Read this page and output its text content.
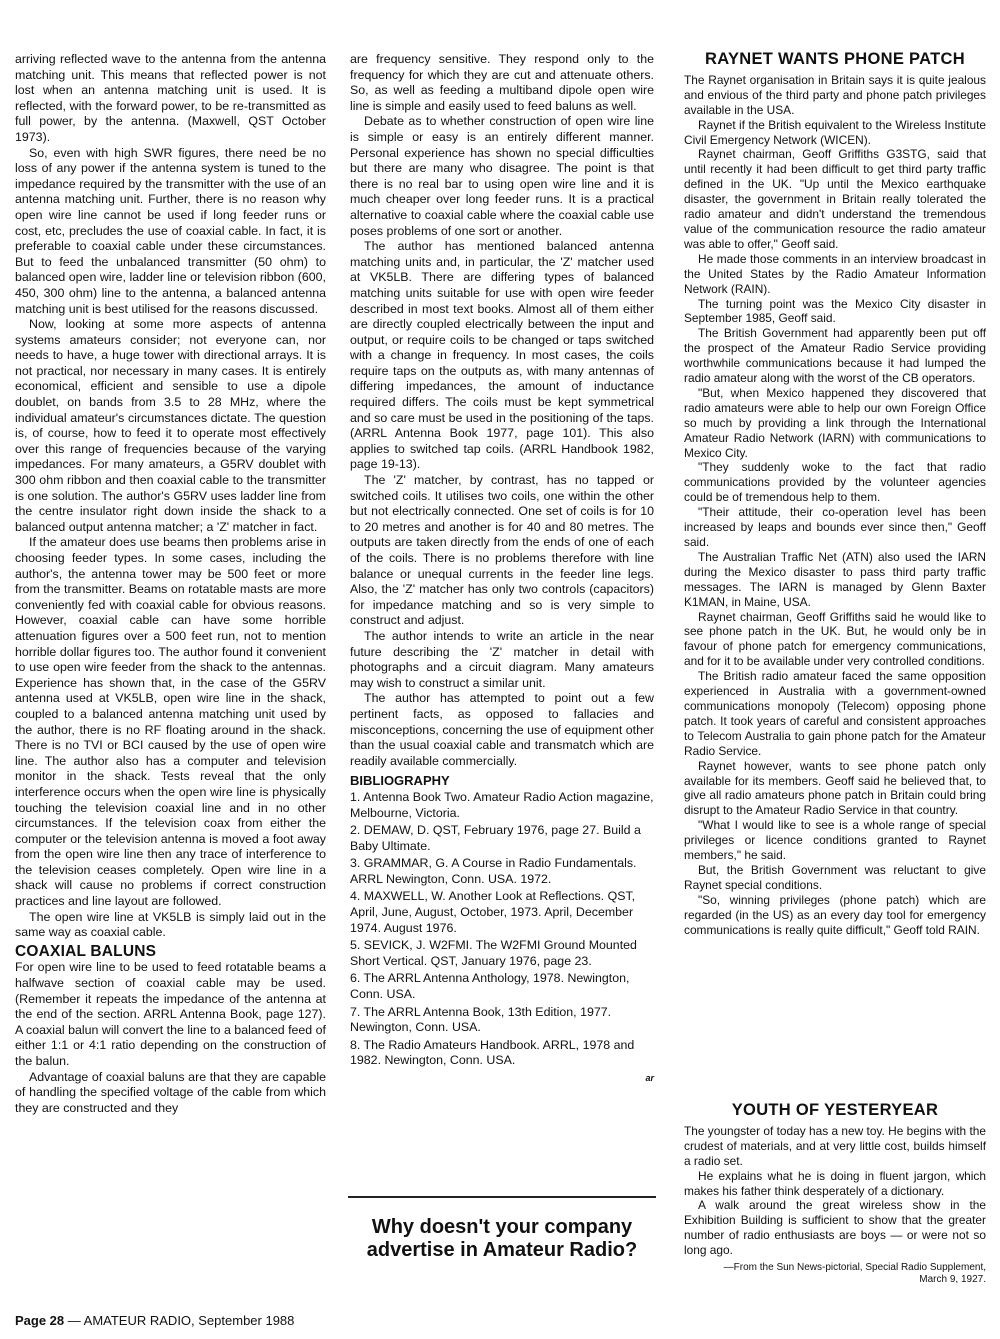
arriving reflected wave to the antenna from the antenna matching unit. This means that reflected power is not lost when an antenna matching unit is used. It is reflected, with the forward power, to be re-transmitted as full power, by the antenna. (Maxwell, QST October 1973).

So, even with high SWR figures, there need be no loss of any power if the antenna system is tuned to the impedance required by the transmitter with the use of an antenna matching unit. Further, there is no reason why open wire line cannot be used if long feeder runs or cost, etc, precludes the use of coaxial cable. In fact, it is preferable to coaxial cable under these circumstances. But to feed the unbalanced transmitter (50 ohm) to balanced open wire, ladder line or television ribbon (600, 450, 300 ohm) line to the antenna, a balanced antenna matching unit is best utilised for the reasons discussed.

Now, looking at some more aspects of antenna systems amateurs consider; not everyone can, nor needs to have, a huge tower with directional arrays. It is not practical, nor necessary in many cases. It is entirely economical, efficient and sensible to use a dipole doublet, on bands from 3.5 to 28 MHz, where the individual amateur's circumstances dictate. The question is, of course, how to feed it to operate most effectively over this range of frequencies because of the varying impedances. For many amateurs, a G5RV doublet with 300 ohm ribbon and then coaxial cable to the transmitter is one solution. The author's G5RV uses ladder line from the centre insulator right down inside the shack to a balanced output antenna matcher; a 'Z' matcher in fact.

If the amateur does use beams then problems arise in choosing feeder types. In some cases, including the author's, the antenna tower may be 500 feet or more from the transmitter. Beams on rotatable masts are more conveniently fed with coaxial cable for obvious reasons. However, coaxial cable can have some horrible attenuation figures over a 500 feet run, not to mention horrible dollar figures too. The author found it convenient to use open wire feeder from the shack to the antennas. Experience has shown that, in the case of the G5RV antenna used at VK5LB, open wire line in the shack, coupled to a balanced antenna matching unit used by the author, there is no RF floating around in the shack. There is no TVI or BCI caused by the use of open wire line. The author also has a computer and television monitor in the shack. Tests reveal that the only interference occurs when the open wire line is physically touching the television coaxial line and in no other circumstances. If the television coax from either the computer or the television antenna is moved a foot away from the open wire line then any trace of interference to the television ceases completely. Open wire line in a shack will cause no problems if correct construction practices and line layout are followed.

The open wire line at VK5LB is simply laid out in the same way as coaxial cable.

COAXIAL BALUNS

For open wire line to be used to feed rotatable beams a halfwave section of coaxial cable may be used. (Remember it repeats the impedance of the antenna at the end of the section. ARRL Antenna Book, page 127). A coaxial balun will convert the line to a balanced feed of either 1:1 or 4:1 ratio depending on the construction of the balun.

Advantage of coaxial baluns are that they are capable of handling the specified voltage of the cable from which they are constructed and they

are frequency sensitive. They respond only to the frequency for which they are cut and attenuate others. So, as well as feeding a multiband dipole open wire line is simple and easily used to feed baluns as well.

Debate as to whether construction of open wire line is simple or easy is an entirely different manner. Personal experience has shown no special difficulties but there are many who disagree. The point is that there is no real bar to using open wire line and it is much cheaper over long feeder runs. It is a practical alternative to coaxial cable where the coaxial cable use poses problems of one sort or another.

The author has mentioned balanced antenna matching units and, in particular, the 'Z' matcher used at VK5LB. There are differing types of balanced matching units suitable for use with open wire feeder described in most text books. Almost all of them either are directly coupled electrically between the input and output, or require coils to be changed or taps switched with a change in frequency. In most cases, the coils require taps on the outputs as, with many antennas of differing impedances, the amount of inductance required differs. The coils must be kept symmetrical and so care must be used in the positioning of the taps. (ARRL Antenna Book 1977, page 101). This also applies to switched tap coils. (ARRL Handbook 1982, page 19-13).

The 'Z' matcher, by contrast, has no tapped or switched coils. It utilises two coils, one within the other but not electrically connected. One set of coils is for 10 to 20 metres and another is for 40 and 80 metres. The outputs are taken directly from the ends of one of each of the coils. There is no problems therefore with line balance or unequal currents in the feeder line legs. Also, the 'Z' matcher has only two controls (capacitors) for impedance matching and so is very simple to construct and adjust.

The author intends to write an article in the near future describing the 'Z' matcher in detail with photographs and a circuit diagram. Many amateurs may wish to construct a similar unit.

The author has attempted to point out a few pertinent facts, as opposed to fallacies and misconceptions, concerning the use of equipment other than the usual coaxial cable and transmatch which are readily available commercially.

BIBLIOGRAPHY

1. Antenna Book Two. Amateur Radio Action magazine, Melbourne, Victoria.

2. DEMAW, D. QST, February 1976, page 27. Build a Baby Ultimate.

3. GRAMMAR, G. A Course in Radio Fundamentals. ARRL Newington, Conn. USA. 1972.

4. MAXWELL, W. Another Look at Reflections. QST, April, June, August, October, 1973. April, December 1974. August 1976.

5. SEVICK, J. W2FMI. The W2FMI Ground Mounted Short Vertical. QST, January 1976, page 23.

6. The ARRL Antenna Anthology, 1978. Newington, Conn. USA.

7. The ARRL Antenna Book, 13th Edition, 1977. Newington, Conn. USA.

8. The Radio Amateurs Handbook. ARRL, 1978 and 1982. Newington, Conn. USA.

ar
Why doesn't your company
advertise in Amateur Radio?
RAYNET WANTS PHONE PATCH

The Raynet organisation in Britain says it is quite jealous and envious of the third party and phone patch privileges available in the USA.

Raynet if the British equivalent to the Wireless Institute Civil Emergency Network (WICEN).

Raynet chairman, Geoff Griffiths G3STG, said that until recently it had been difficult to get third party traffic defined in the UK. "Up until the Mexico earthquake disaster, the government in Britain really tolerated the radio amateur and didn't understand the tremendous value of the communication resource the radio amateur was able to offer," Geoff said.

He made those comments in an interview broadcast in the United States by the Radio Amateur Information Network (RAIN).

The turning point was the Mexico City disaster in September 1985, Geoff said.

The British Government had apparently been put off the prospect of the Amateur Radio Service providing worthwhile communications because it had lumped the radio amateur along with the worst of the CB operators.

"But, when Mexico happened they discovered that radio amateurs were able to help our own Foreign Office so much by providing a link through the International Amateur Radio Network (IARN) with communications to Mexico City.

"They suddenly woke to the fact that radio communications provided by the volunteer agencies could be of tremendous help to them.

"Their attitude, their co-operation level has been increased by leaps and bounds ever since then," Geoff said.

The Australian Traffic Net (ATN) also used the IARN during the Mexico disaster to pass third party traffic messages. The IARN is managed by Glenn Baxter K1MAN, in Maine, USA.

Raynet chairman, Geoff Griffiths said he would like to see phone patch in the UK. But, he would only be in favour of phone patch for emergency communications, and for it to be available under very controlled conditions.

The British radio amateur faced the same opposition experienced in Australia with a government-owned communications monopoly (Telecom) opposing phone patch. It took years of careful and consistent approaches to Telecom Australia to gain phone patch for the Amateur Radio Service.

Raynet however, wants to see phone patch only available for its members. Geoff said he believed that, to give all radio amateurs phone patch in Britain could bring disrupt to the Amateur Radio Service in that country.

"What I would like to see is a whole range of special privileges or licence conditions granted to Raynet members," he said.

But, the British Government was reluctant to give Raynet special conditions.

"So, winning privileges (phone patch) which are regarded (in the US) as an every day tool for emergency communications is really quite difficult," Geoff told RAIN.

YOUTH OF YESTERYEAR

The youngster of today has a new toy. He begins with the crudest of materials, and at very little cost, builds himself a radio set.

He explains what he is doing in fluent jargon, which makes his father think desperately of a dictionary.

A walk around the great wireless show in the Exhibition Building is sufficient to show that the greater number of radio enthusiasts are boys — or were not so long ago.

—From the Sun News-pictorial, Special Radio Supplement,
March 9, 1927.
Page 28 — AMATEUR RADIO, September 1988
